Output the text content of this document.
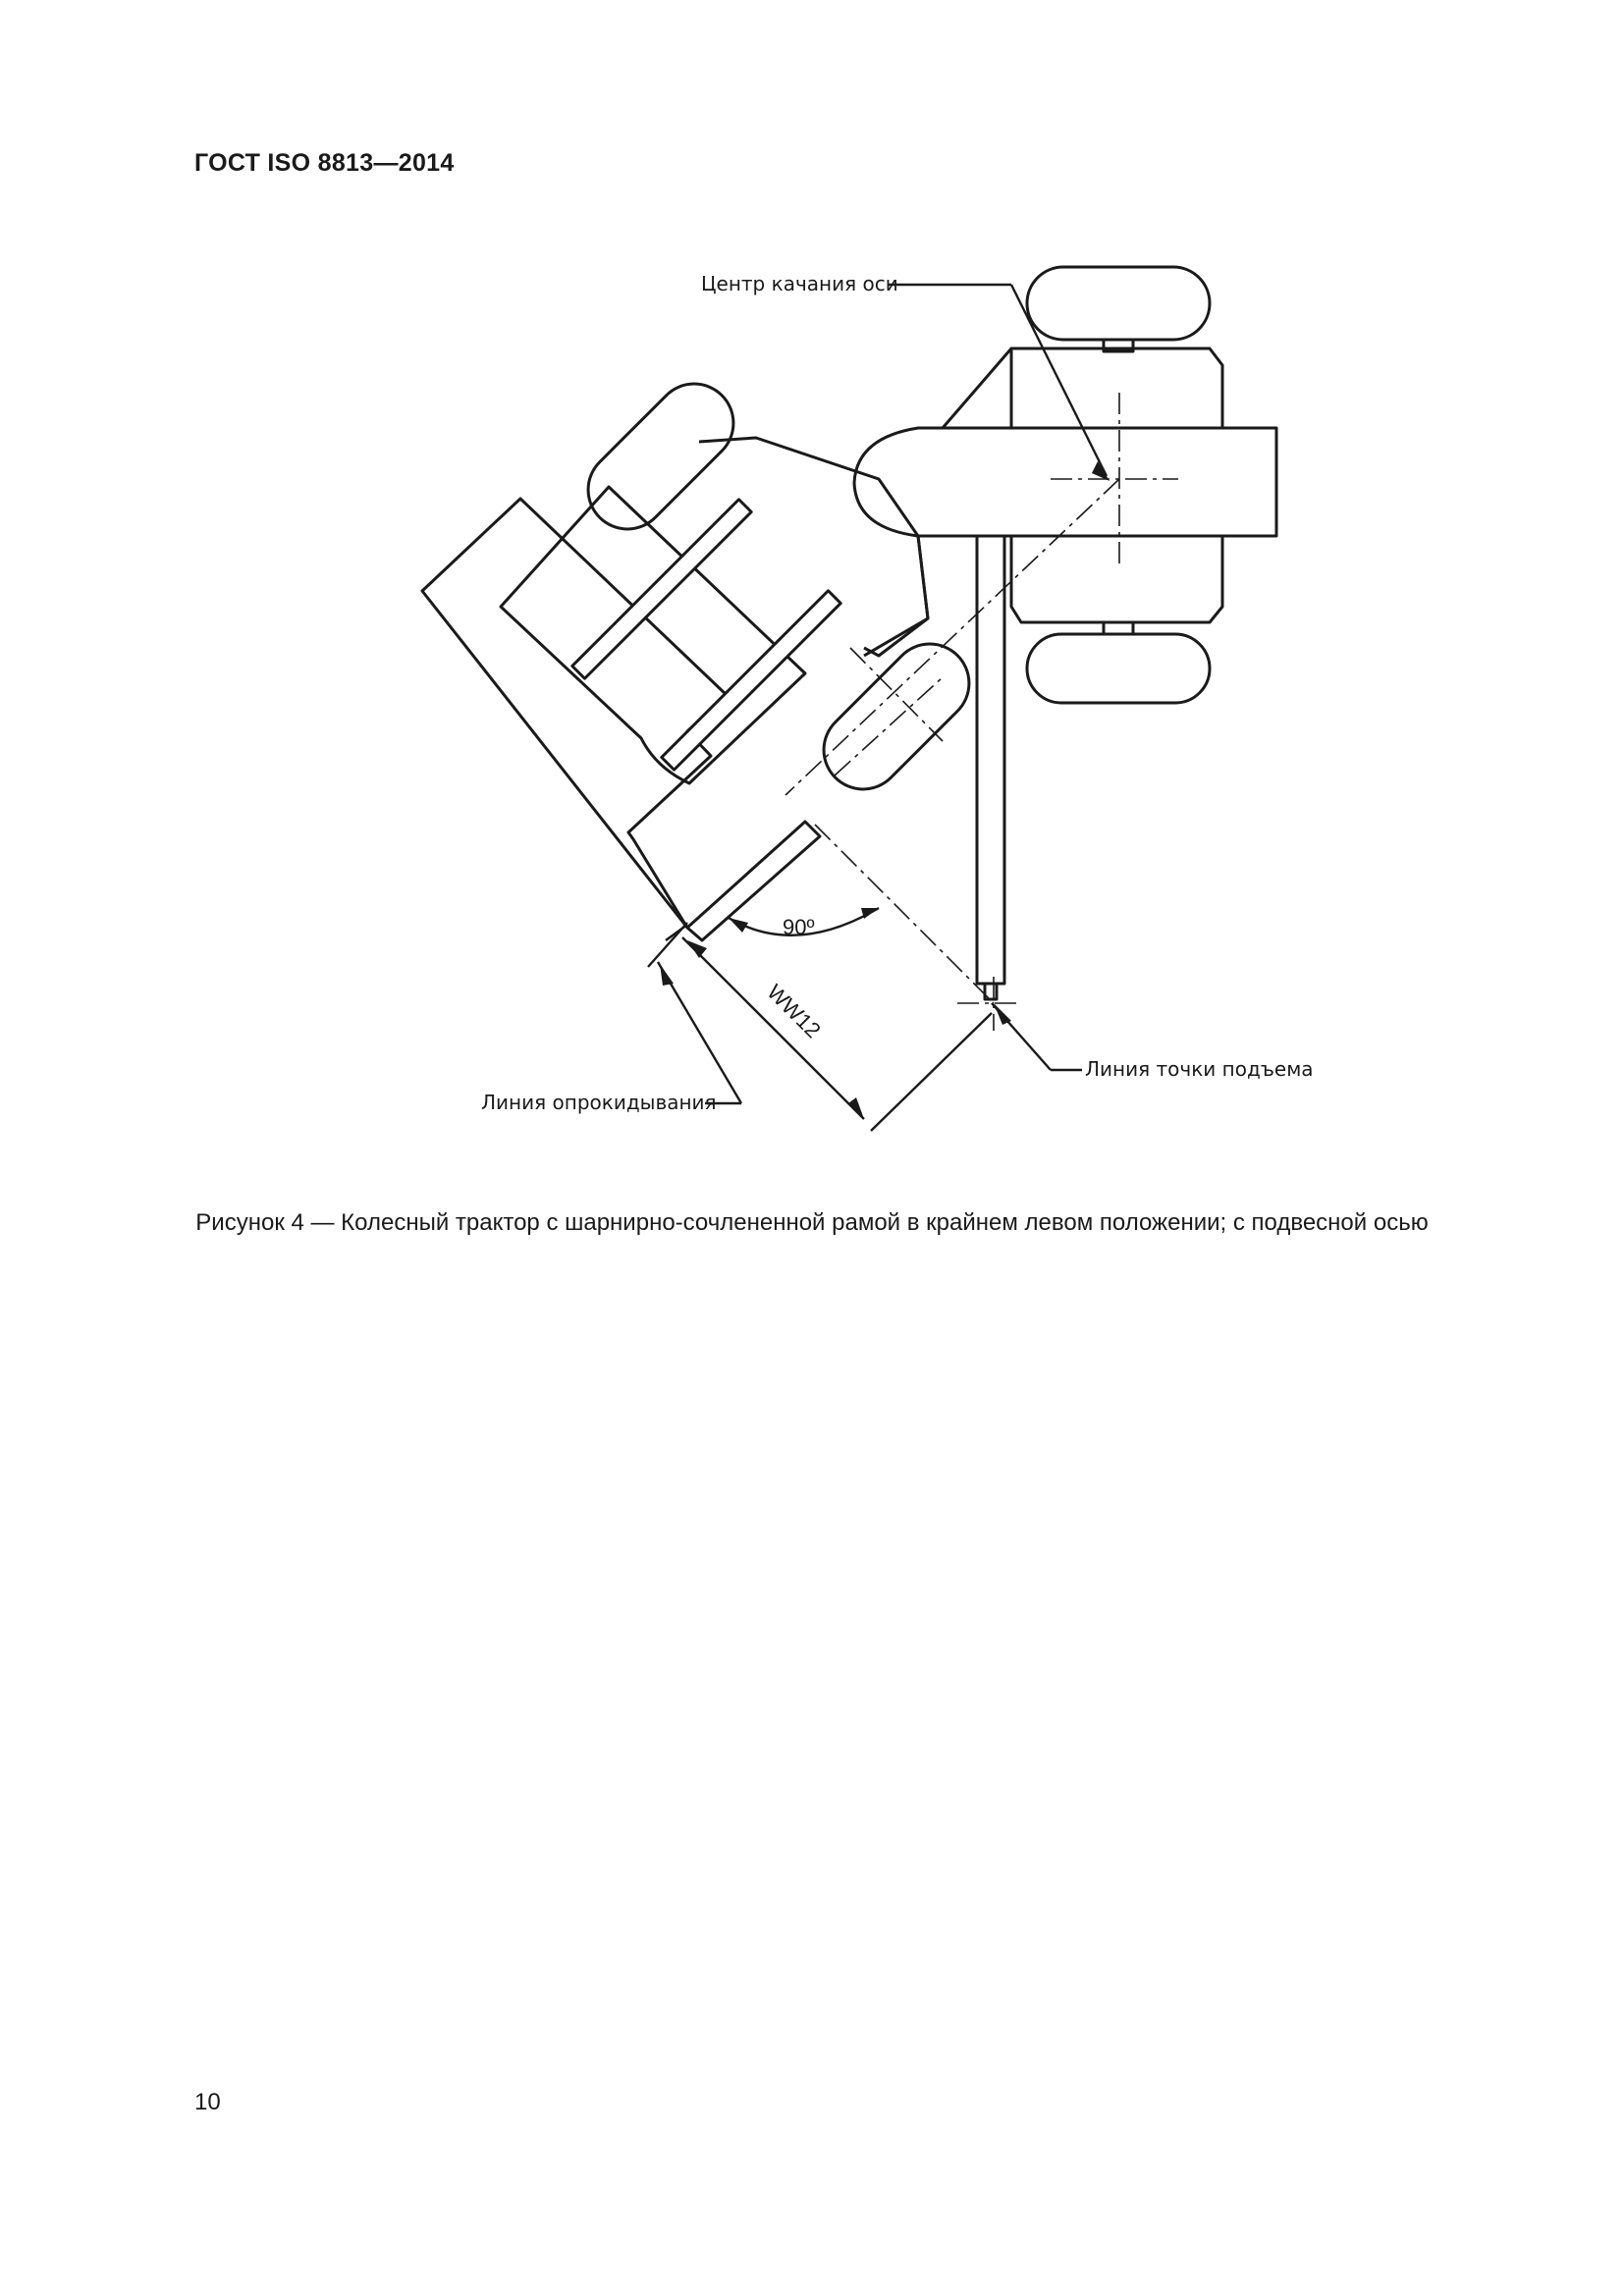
ГОСТ ISO 8813—2014
Центр качания оси
Линия точки подъема
Линия опрокидывания
90º
WW12
Рисунок 4 — Колесный трактор с шарнирно-сочлененной рамой в крайнем левом положении; с подвесной осью
10
